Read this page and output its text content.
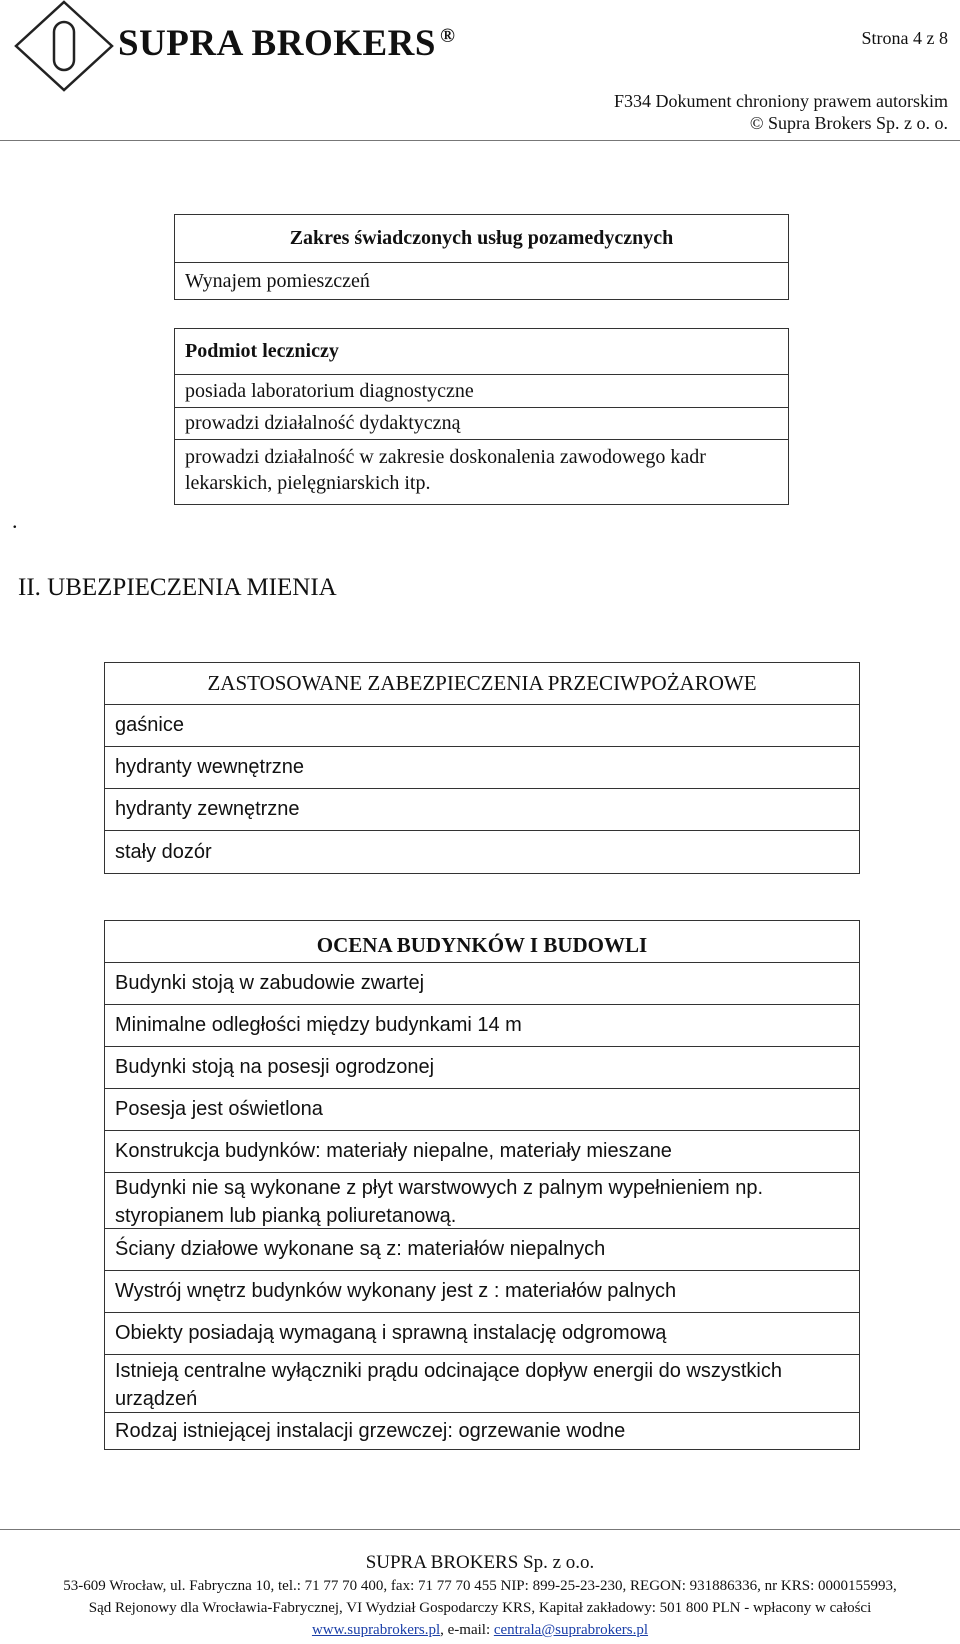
SUPRA BROKERS ®	Strona 4 z 8
F334 Dokument chroniony prawem autorskim
© Supra Brokers Sp. z o. o.
Zakres świadczonych usług pozamedycznych
Wynajem pomieszczeń
Podmiot leczniczy
posiada laboratorium diagnostyczne
prowadzi działalność dydaktyczną
prowadzi działalność w zakresie doskonalenia zawodowego kadr lekarskich, pielęgniarskich itp.
.
II. UBEZPIECZENIA MIENIA
ZASTOSOWANE ZABEZPIECZENIA PRZECIWPOŻAROWE
gaśnice
hydranty wewnętrzne
hydranty zewnętrzne
stały dozór
OCENA BUDYNKÓW I BUDOWLI
Budynki stoją w zabudowie zwartej
Minimalne odległości między budynkami 14 m
Budynki stoją na posesji ogrodzonej
Posesja jest oświetlona
Konstrukcja budynków: materiały niepalne, materiały mieszane
Budynki nie są wykonane z płyt warstwowych z palnym wypełnieniem np. styropianem lub pianką poliuretanową.
Ściany działowe wykonane są z: materiałów niepalnych
Wystrój wnętrz budynków wykonany jest z : materiałów palnych
Obiekty posiadają wymaganą i sprawną instalację odgromową
Istnieją centralne wyłączniki prądu odcinające dopływ energii do wszystkich urządzeń
Rodzaj istniejącej instalacji grzewczej: ogrzewanie wodne
SUPRA BROKERS Sp. z o.o.
53-609 Wrocław, ul. Fabryczna 10, tel.: 71 77 70 400, fax: 71 77 70 455 NIP: 899-25-23-230, REGON: 931886336, nr KRS: 0000155993,
Sąd Rejonowy dla Wrocławia-Fabrycznej, VI Wydział Gospodarczy KRS, Kapitał zakładowy: 501 800 PLN - wpłacony w całości
www.suprabrokers.pl, e-mail: centrala@suprabrokers.pl
